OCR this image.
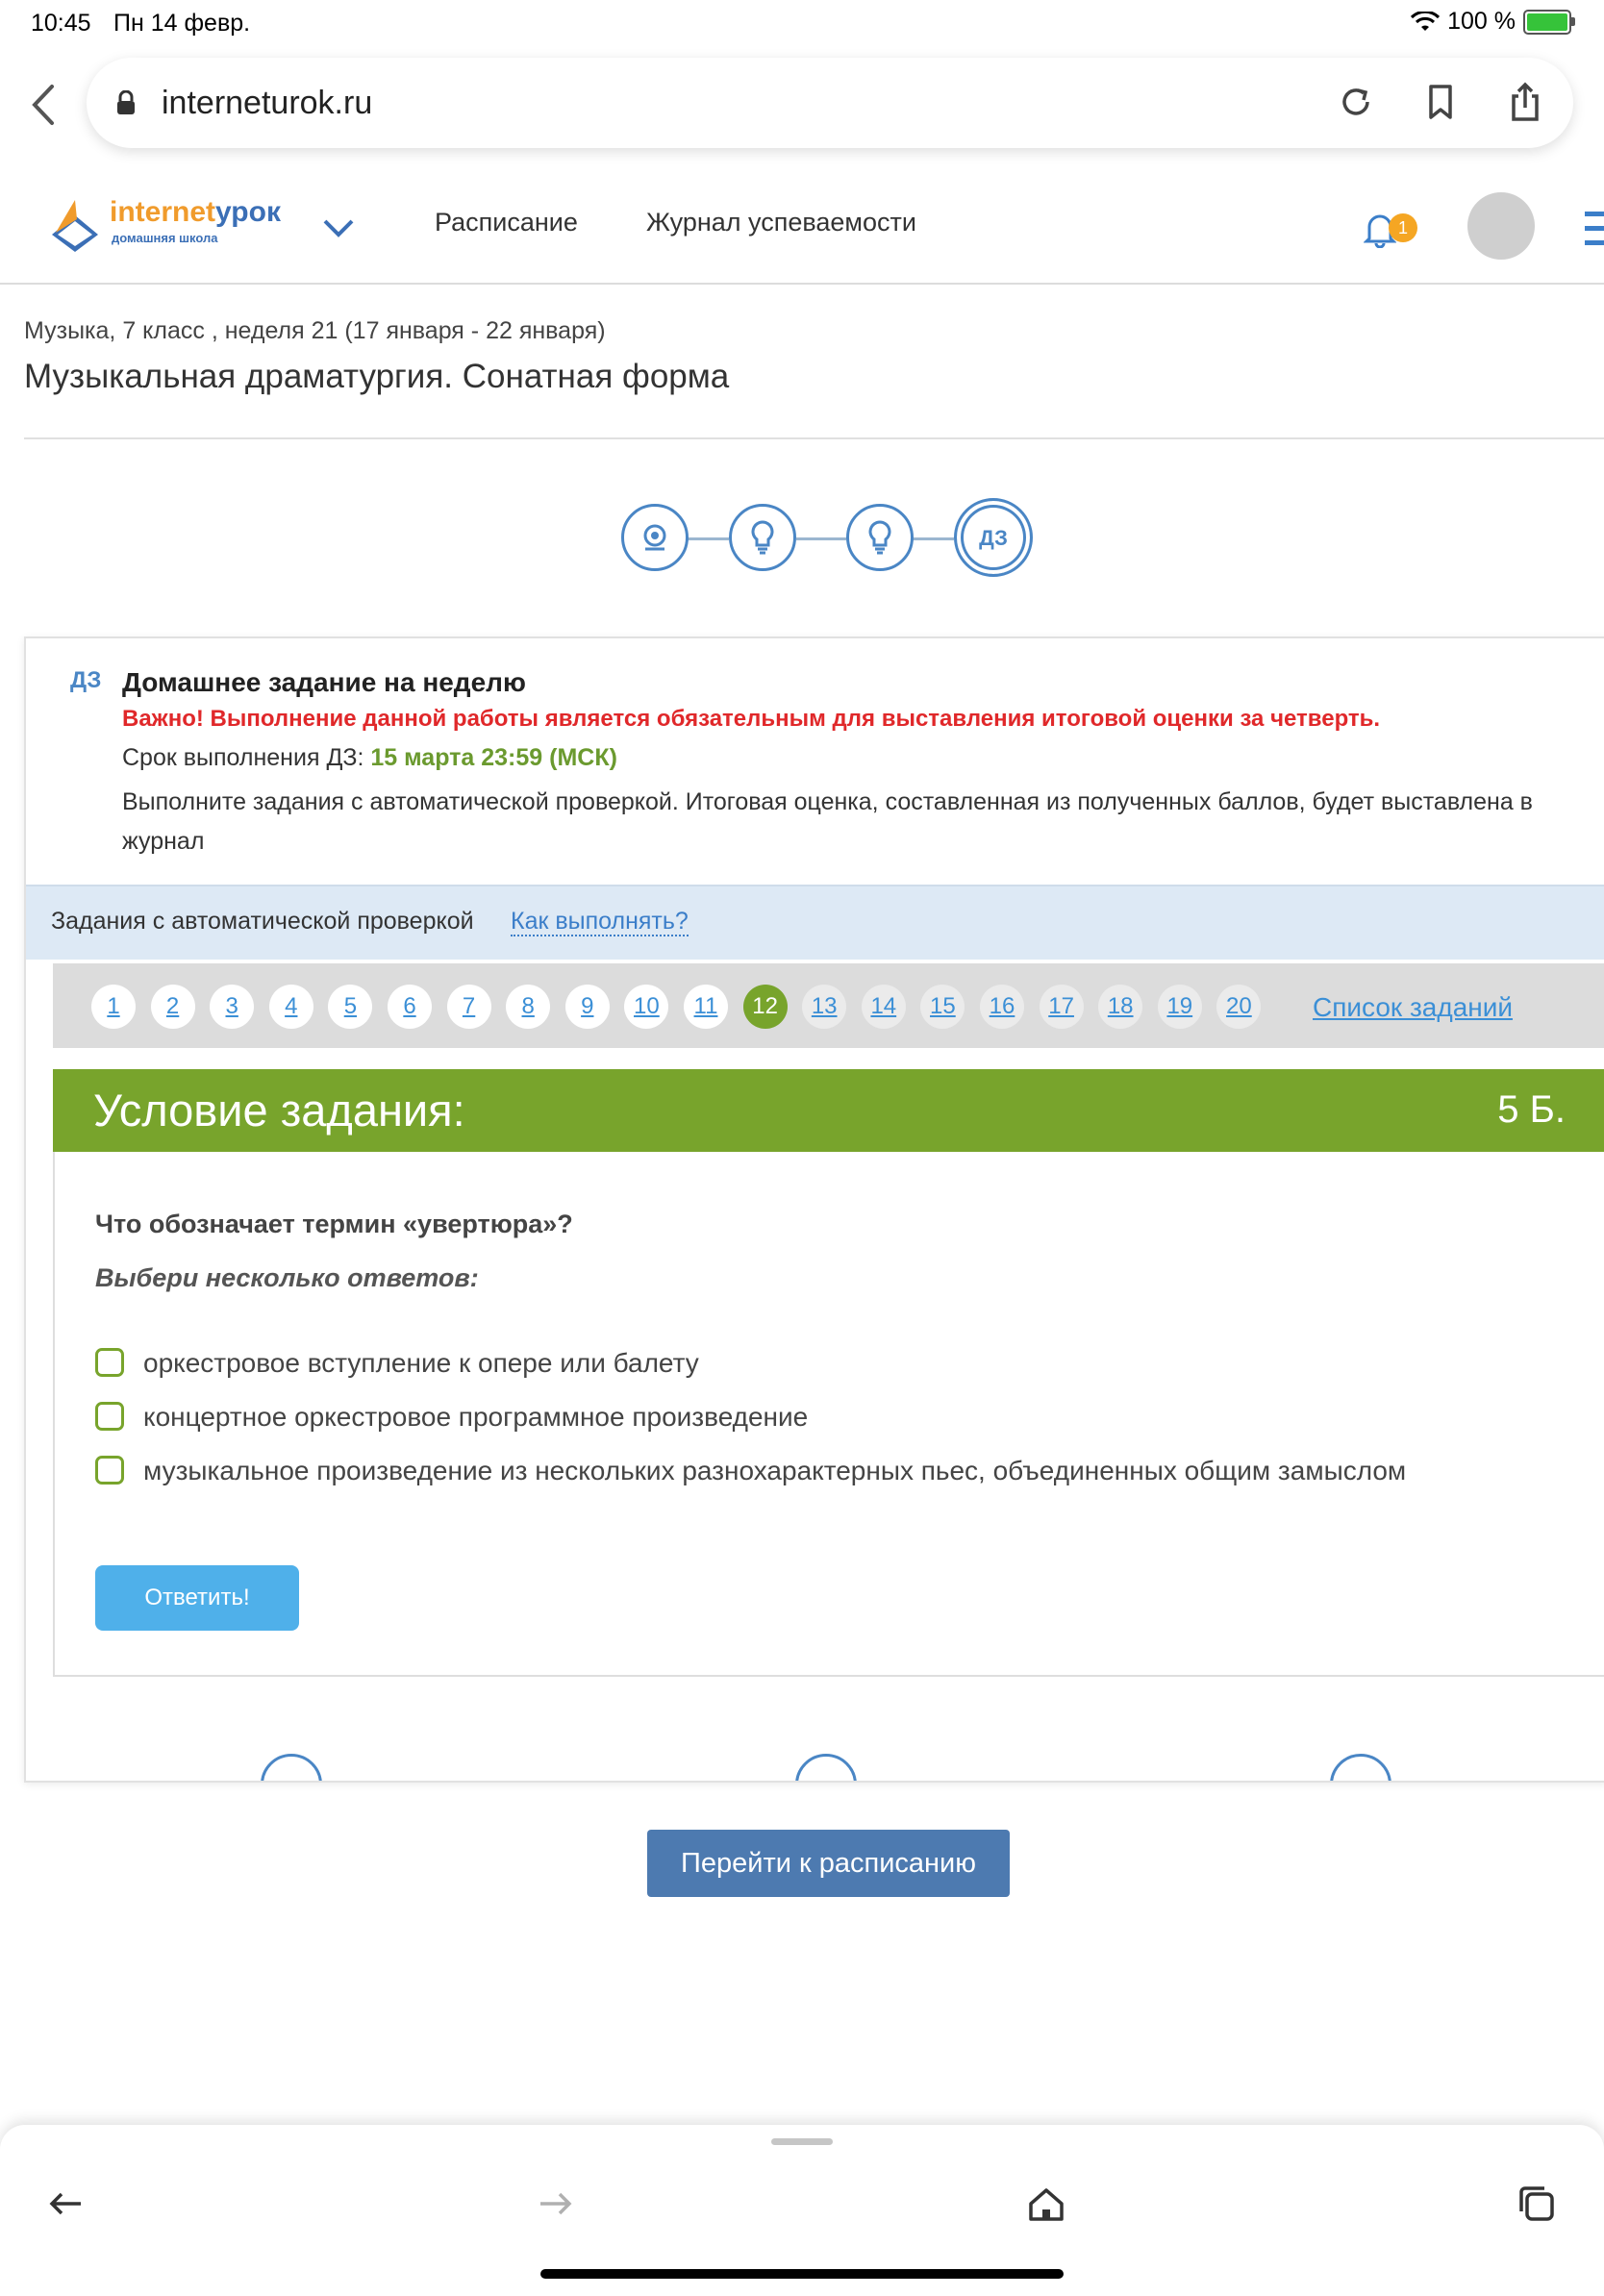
10:45 Пн 14 февр.	100 %
interneturok.ru
internetурок
домашняя школа
Расписание	Журнал успеваемости	1
Музыка, 7 класс , неделя 21 (17 января - 22 января)
Музыкальная драматургия. Сонатная форма
ДЗ
ДЗ Домашнее задание на неделю
Важно! Выполнение данной работы является обязательным для выставления итоговой оценки за четверть.
Срок выполнения ДЗ: 15 марта 23:59 (МСК)
Выполните задания с автоматической проверкой. Итоговая оценка, составленная из полученных баллов, будет выставлена в журнал
Задания с автоматической проверкой Как выполнять?
1	2	3	4	5	6	7	8	9	10	11	12	13	14	15	16	17	18	19	20	Список заданий
Условие задания:	5 Б.
Что обозначает термин «увертюра»?
Выбери несколько ответов:
оркестровое вступление к опере или балету
концертное оркестровое программное произведение
музыкальное произведение из нескольких разнохарактерных пьес, объединенных общим замыслом
Ответить!
Перейти к расписанию
